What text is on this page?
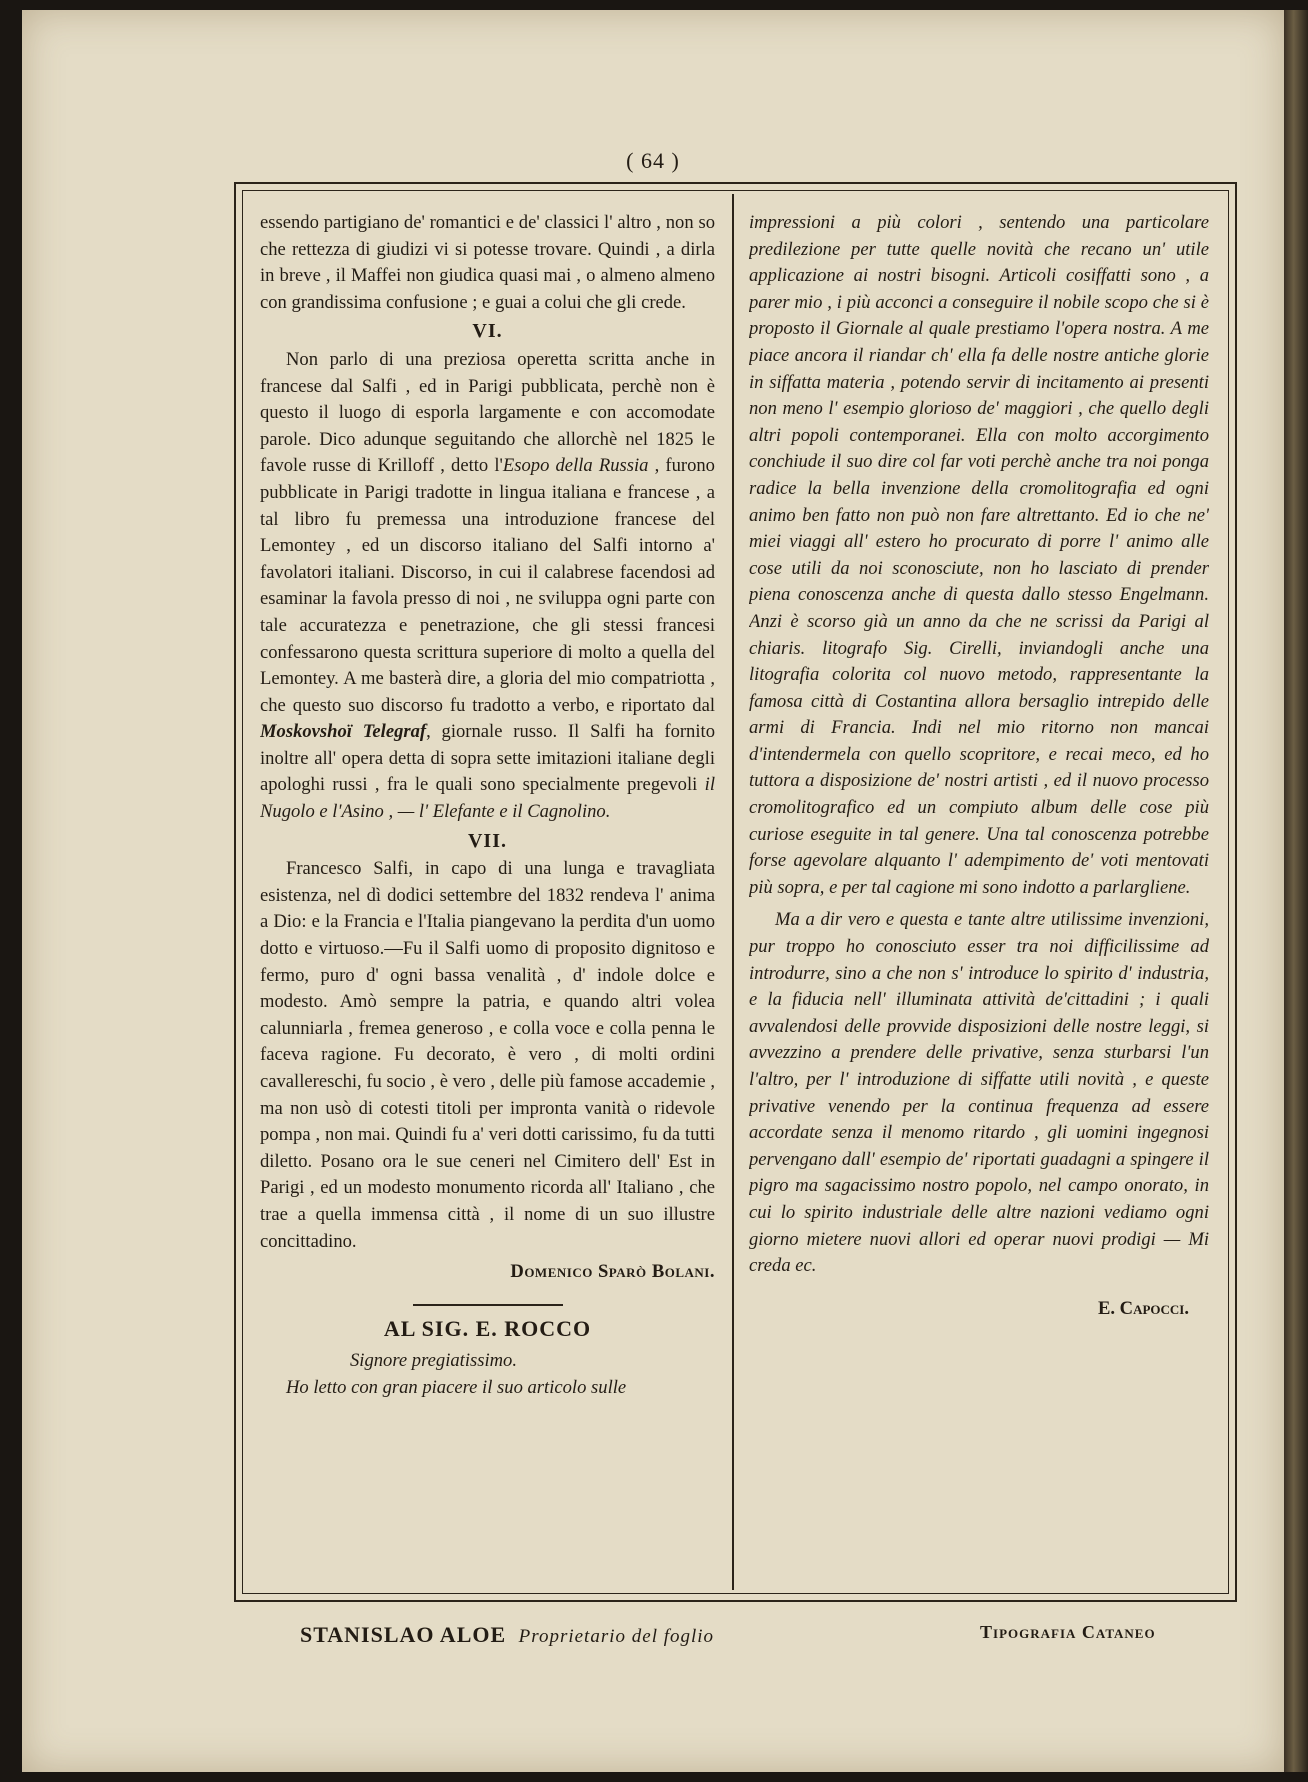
( 64 )

essendo partigiano de' romantici e de' classici l' altro , non so che rettezza di giudizi vi si potesse trovare. Quindi , a dirla in breve , il Maffei non giudica quasi mai , o almeno almeno con grandissima confusione ; e guai a colui che gli crede.

VI.

Non parlo di una preziosa operetta scritta anche in francese dal Salfi , ed in Parigi pubblicata, perchè non è questo il luogo di esporla largamente e con accomodate parole. Dico adunque seguitando che allorchè nel 1825 le favole russe di Krilloff , detto l'Esopo della Russia , furono pubblicate in Parigi tradotte in lingua italiana e francese , a tal libro fu premessa una introduzione francese del Lemontey , ed un discorso italiano del Salfi intorno a' favolatori italiani. Discorso, in cui il calabrese facendosi ad esaminar la favola presso di noi , ne sviluppa ogni parte con tale accuratezza e penetrazione, che gli stessi francesi confessarono questa scrittura superiore di molto a quella del Lemontey. A me basterà dire, a gloria del mio compatriotta , che questo suo discorso fu tradotto a verbo, e riportato dal Moskovshoï Telegraf, giornale russo. Il Salfi ha fornito inoltre all' opera detta di sopra sette imitazioni italiane degli apologhi russi , fra le quali sono specialmente pregevoli il Nugolo e l'Asino , — l' Elefante e il Cagnolino.

VII.

Francesco Salfi, in capo di una lunga e travagliata esistenza, nel dì dodici settembre del 1832 rendeva l' anima a Dio: e la Francia e l'Italia piangevano la perdita d'un uomo dotto e virtuoso.—Fu il Salfi uomo di proposito dignitoso e fermo, puro d' ogni bassa venalità , d' indole dolce e modesto. Amò sempre la patria, e quando altri volea calunniarla , fremea generoso , e colla voce e colla penna le faceva ragione. Fu decorato, è vero , di molti ordini cavallereschi, fu socio , è vero , delle più famose accademie , ma non usò di cotesti titoli per impronta vanità o ridevole pompa , non mai. Quindi fu a' veri dotti carissimo, fu da tutti diletto. Posano ora le sue ceneri nel Cimitero dell' Est in Parigi , ed un modesto monumento ricorda all' Italiano , che trae a quella immensa città , il nome di un suo illustre concittadino.

Domenico Sparò Bolani.
AL SIG. E. ROCCO
Signore pregiatissimo.

Ho letto con gran piacere il suo articolo sulle

impressioni a più colori , sentendo una particolare predilezione per tutte quelle novità che recano un' utile applicazione ai nostri bisogni. Articoli cosiffatti sono , a parer mio , i più acconci a conseguire il nobile scopo che si è proposto il Giornale al quale prestiamo l'opera nostra. A me piace ancora il riandar ch' ella fa delle nostre antiche glorie in siffatta materia , potendo servir di incitamento ai presenti non meno l' esempio glorioso de' maggiori , che quello degli altri popoli contemporanei. Ella con molto accorgimento conchiude il suo dire col far voti perchè anche tra noi ponga radice la bella invenzione della cromolitografia ed ogni animo ben fatto non può non fare altrettanto. Ed io che ne' miei viaggi all' estero ho procurato di porre l' animo alle cose utili da noi sconosciute, non ho lasciato di prender piena conoscenza anche di questa dallo stesso Engelmann. Anzi è scorso già un anno da che ne scrissi da Parigi al chiaris. litografo Sig. Cirelli, inviandogli anche una litografia colorita col nuovo metodo, rappresentante la famosa città di Costantina allora bersaglio intrepido delle armi di Francia. Indi nel mio ritorno non mancai d'intendermela con quello scopritore, e recai meco, ed ho tuttora a disposizione de' nostri artisti , ed il nuovo processo cromolitografico ed un compiuto album delle cose più curiose eseguite in tal genere. Una tal conoscenza potrebbe forse agevolare alquanto l' adempimento de' voti mentovati più sopra, e per tal cagione mi sono indotto a parlargliene.

Ma a dir vero e questa e tante altre utilissime invenzioni, pur troppo ho conosciuto esser tra noi difficilissime ad introdurre, sino a che non s' introduce lo spirito d' industria, e la fiducia nell' illuminata attività de'cittadini ; i quali avvalendosi delle provvide disposizioni delle nostre leggi, si avvezzino a prendere delle privative, senza sturbarsi l'un l'altro, per l' introduzione di siffatte utili novità , e queste privative venendo per la continua frequenza ad essere accordate senza il menomo ritardo , gli uomini ingegnosi pervengano dall' esempio de' riportati guadagni a spingere il pigro ma sagacissimo nostro popolo, nel campo onorato, in cui lo spirito industriale delle altre nazioni vediamo ogni giorno mietere nuovi allori ed operar nuovi prodigi — Mi creda ec.

E. Capocci.
STANISLAO ALOE Proprietario del foglio	Tipografia Cataneo
